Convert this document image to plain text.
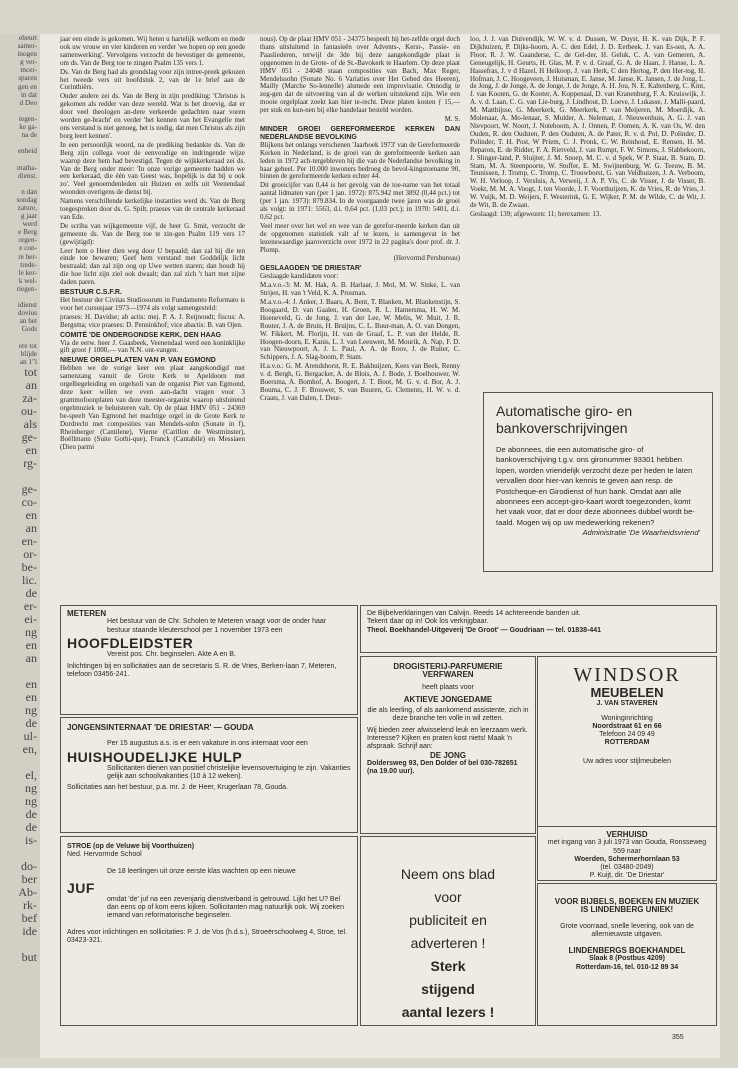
ebeurt
samer-
inogen
g ver-
mcer-
sparen
gen en
in dat
d Deo

tegen-
ke ga-
na de

enheid

matha-
dienst.

n dan
sondag
zature,
g jaar
werd
e Berg
orgen-
e con-
re her-
trede-
le ker-
k wel-
riegen-

idienst
dovius
an het
Gods

ere tot
blijde
an 1"i
tot
an
za-
ou-
als
ge-
en
rg-

ge-
co-
en
an
en-
or-
be-
lic.
de
er-
ei-
ng
en
an

en
en
ng
de
ul-
en,

el,
ng
ng
de
de
is-

do-
ber
Ab-
rk-
bef
ide

but

jaar een einde is gekomen. Wij heten u hartelijk welkom en mede ook uw vrouw en vier kinderen en verder 'we hopen op een goede samenwerking'. Vervolgens verzocht de bevestiger de gemeente, om ds. Van de Berg toe te zingen Psalm 135 vers 1.

Ds. Van de Berg had als grondslag voor zijn intree-preek gekozen het tweede vers uit hoofdstuk 2, van de 1e brief aan de Corinthiërs.

Onder andere zei ds. Van de Berg in zijn prediking: 'Christus is gekomen als redder van deze wereld. Wat is het droevig, dat er door veel theologen an-dere verkeerde gedachten naar voren worden ge-bracht' en verder 'het kennen van het Evangelie met ons verstand is niet genoeg, het is nodig, dat men Christus als zijn borg leert kennen'.

In een persoonlijk woord, na de prediking bedankte ds. Van de Berg zijn collega voor de eenvoudige en indringende wijze waarop deze hem had bevestigd. Tegen de wijkkerkeraad zei ds. Van de Berg onder meer: 'In onze vorige gemeente hadden we een kerkeraad, die één van Geest was, hopelijk is dat bij u ook zo'. Veel genoemdenleden uit Huizen en zelfs uit Veenendaal woonden overigens de dienst bij.

Namens verschillende kerkelijke instanties werd ds. Van de Berg toegesproken door ds. G. Spilt, praeses van de centrale kerkeraad van Ede.

De scriba van wijkgemeente vijf, de heer G. Smit, verzocht de gemeente ds. Van de Berg toe te zin-gen Psalm 119 vers 17 (gewijzigd):

Leer hem o Heer dien weg door U bepaald; dan zal hij die ten einde toe bewaren; Geef hem verstand met Goddelijk licht bestraald; dan zal zijn oog op Uwe wetten staren; dan houdt hij die hoe licht zijn ziel ook dwaalt; dan zal zich 't hart met zijne daden paren.

BESTUUR C.S.F.R.

Het bestuur der Civitas Studiosorum in Fundamento Reformato is voor het cursusjaar 1973—1974 als volgt samengesteld:

praeses: H. Davidse; ab actis: mej. P. A. J. Reijnoudt; fiscus: A. Bergsma; vice praeses: D. Penninkhof; vice abactis: B. van Ojen.

COMITÉ 'DE ONDERGONDSE KERK, DEN HAAG

Via de eerw. heer J. Gaasbeek, Veenendaal werd een koninklijke gift groot ƒ 1000,— van N.N. ont-vangen.

NIEUWE ORGELPLATEN VAN P. VAN EGMOND

Hebben we de vorige keer een plaat aangekondigd met samenzang vanuit de Grote Kerk te Apeldoorn met orgelbegeleiding en orgelsoli van de organist Piet van Egmond, deze keer willen we even aan-dacht vragen voor 3 grammofoonplaten van deze meester-organist waarop uitsluitend orgelmuziek te beluisteren valt. Op de plaat HMV 051 - 24369 be-speelt Van Egmond het machtige orgel in de Grote Kerk te Dordrecht met composities van Mendels-sohn (Sonate in f), Rheinberger (Cantilene), Vierne (Carillon de Westminster), Boëllmann (Suite Gothi-que), Franck (Cantabile) en Messiaen (Dieu parmi

nous). Op de plaat HMV 051 - 24375 bespeelt hij het-zelfde orgel doch thans uitsluitend in fantasieën over Advents-, Kerst-, Passie- en Paasliederen, terwijl de 3de bij deze aangekondigde plaat is opgenomen in de Grote- of de St.-Bavokerk te Haarlem. Op deze plaat HMV 051 - 24048 staan composities van Bach, Max Reger, Mendelssohn (Sonate No. 6 Variaties over Het Gebed des Heeren), Mailly (Marche So-lennelle) alsmede een improvisatie. Onnodig te zeg-gen dat de uitvoering van al de werken uitstekend zijn. Wie een mooie orgelplaat zoekt kan hier te-recht. Deze platen kosten ƒ 15,— per stuk en kun-nen bij elke handelaar besteld worden.

M. S.

MINDER GROEI GEREFORMEERDE KERKEN DAN NEDERLANDSE BEVOLKING

Blijkens het onlangs verschenen 'Jaarboek 1973' van de Gereformeerde Kerken in Nederland, is de groei van de gereformeerde kerken aan leden in 1972 ach-tergebleven bij die van de Nederlandse bevolking in haar geheel. Per 10.000 inwoners bedroeg de bevol-kingstoename 90, binnen de gereformeerde kerken echter 44.

Dit groeicijfer van 0,44 is het gevolg van de toe-name van het totaal aantal lidmaten van (per 1 jan. 1972): 875.942 met 3892 (0,44 pct.) tot (per 1 jan. 1973): 879.834. In de voorgaande twee jaren was de groei als volgt: in 1971: 5563, d.i. 0,64 pct. (1,03 pct.); in 1970: 5401, d.i. 0,62 pct.

Veel meer over het wel en wee van de gerefor-meerde kerken dan uit de opgenomen statistiek valt af te lezen, is samengevat in het lezenswaardige jaaroverzicht over 1972 in 22 pagina's door prof. dr. J. Plomp.

(Hervormd Persbureau)

GESLAAGDEN 'DE DRIESTAR'

Geslaagde kandidaten voor:

M.a.v.o.-3: M. M. Hak, A. B. Harlaar, J. Mol, M. W. Sinke, L. van Strijen, H. van 't Veld, K. A. Prosman.

M.a.v.o.-4: J. Anker, J. Baars, A. Bent, T. Blanken, M. Blankenstijn, S. Boogaard, D. van Gaalen, H. Groen, R. L. Hamersma, H. W. M. Hoeneveld, G. de Jong, J. van der Lee, W. Melis, W. Muit, J. R. Router, J. A. de Bruin, H. Bruijns, C. L. Buur-man, A. O. van Dongen, W. Fikkert, M. Florijn, H. van de Graaf, L. P. van der Helde, R. Hoogen-doorn, E. Kanis, L. J. van Leeuwen, M. Mourik, A. Nap, F. D. van Nieuwpoort, A. J. L. Paul, A. A. de Roov, J. de Ruiter, C. Schippers, J. A. Slag-boom, P. Stam.

H.a.v.o.: G. M. Arendshorst, R. E. Bakhuijzen, Kees van Beek, Renny v. d. Bergh, G. Bergacker, A. de Blois, A. J. Bode, J. Boelhouwer, W. Boersma, A. Bomhof, A. Boogert, J. T. Boot, M. G. v. d. Bor, A. J. Bouma, C. J. F. Brouwer, S. van Buuren, G. Clements, H. W. v. d. Craats, J. van Dalen, I. Deur-

loo, J. J. van Duivendijk, W. W. v. d. Dussen, W. Duyst, H. K. van Dijk, P. F. Dijkhuizen, P. Dijks-hoorn, A. C. den Edel, J. D. Eerbeek, J. van Es-sen, A. A. Floor, R. J. W. Gaanderse, C. de Gel-der, H. Geluk, C. A. van Gemeren, A. Geneugelijk, H. Geurts, H. Glas, M. P. v. d. Graaf, G. A. de Haan, J. Hanse, L. A. Hassefras, J. v d Hazel, H Heikoop, J. van Herk, C den Hertog, P. den Her-tog, H. Hofman, J. C. Hoogeveen, J. Huisman, E. Janse, M. Janse, K. Jansen, J. de Jong, L. de Jong, J. de Jonge, A. de Jonge, J. de Jonge, A. H. Jou, N. E. Kaltenberg, C. Kint, J. van Kooten, G. de Kooter, A. Koppenaal, D. van Kranenburg, F. A. Kruiswijk, J. A. v. d. Laan, C. G. van Lie-burg, J. Lindhout, D. Loeve, J. Lukasse, J. Malli-paard, M. Matthijsse, G. Meerkerk, G. Meerkerk, P. van Meijeren, M. Moerdijk, A. Molenaar, A. Mo-lenaar, S. Mulder, A. Neleman, J. Nieuwenhuis, A. G. J. van Nievpoort, W. Noort, J. Noteboom, A. J. Onnen, P. Oomen, A. K. van Os, W. den Ouden, R. den Oudsten, P. den Oudsten, A. de Pater, R. v. d. Pol, D. Polinder, D. Polinder, T. H. Post, W Priem, C. J. Pronk, C. W. Reinhoud, E. Rensen, H. M. Reparon, E. de Ridder, F. A. Rietveld, J. van Rumpt, F. W. Simons, J. Slabbekoorn, J. Slinger-land, P. Sluijter, J. M. Snoep, M. C. v. d Spek, W P. Staat, B. Stam, D. Stam, M. A. Steenpoorte, W. Stoffer, E. M. Swijnenburg, W. G. Teeuw, B. M. Teunissen, J. Tromp, C. Tromp, C. Trouwborst, G. van Veldhuizen, J. A. Verboom, W. H. Verloop, J. Versluis, A. Verweij, J. A. P. Vis, C. de Visser, J. de Visser, B. Voekt, M. M. A. Voogt, J. ten Voorde, J. F. Voorthuijzen, K. de Vries, R. de Vries, J. W. Vuijk, M. D. Weijers, F. Westerink, G. E. Wijker, P. M. de Wilde, C. de Wit, J. de Wit, B. de Zwaan.

Geslaagd: 139; afgewezen: 11; herexamen: 13.

Automatische giro- en bankoverschrijvingen
De abonnees, die een automatische giro- of bankoverschijving t.g.v. ons gironummer 93301 hebben lopen, worden vriendelijk verzocht deze per heden te laten vervallen door hier-van kennis te geven aan resp. de Postcheque-en Girodienst of hun bank. Omdat aan alle abonnees een accept-giro-kaart wordt toegezonden, komt het vaak voor, dat er door deze abonnees dubbel wordt be-taald. Mogen wij op uw medewerking rekenen?
Administratie 'De Waarheidsvriend'
METEREN
Het bestuur van de Chr. Scholen te Meteren vraagt voor de onder haar bestuur staande kleuterschool per 1 november 1973 een
HOOFDLEIDSTER
Vereist pos. Chr. beginselen. Akte A en B.
Inlichtingen bij en sollicitaties aan de secretaris S. R. de Vries, Berken-laan 7, Meteren, telefoon 03456-241.
De Bijbelverklaringen van Calvijn. Reeds 14 achtereende banden uit.
Tekent daar op in! Ook los verkrijgbaar.
Theol. Boekhandel-Uitgeverij 'De Groot' — Goudriaan — tel. 01838-441
DROGISTERIJ-PARFUMERIE VERFWAREN
heeft plaats voor
AKTIEVE JONGEDAME
die als leerling, of als aankomend assistente, zich in deze branche ten volle in wil zetten.
Wij bieden zeer afwisselend leuk en leerzaam werk. Interesse? Kijken en praten kost niets! Maak 'n afspraak. Schrijf aan:
DE JONG
Doldersweg 93, Den Dolder of bel 030-782651 (na 19.00 uur).
WINDSOR
MEUBELEN
J. VAN STAVEREN
Woninginrichting
Noordstraat 61 en 66
Telefoon 24 09 49
ROTTERDAM
Uw adres voor stijlmeubelen
JONGENSINTERNAAT 'DE DRIESTAR' — GOUDA
Per 15 augustus a.s. is er een vakature in ons internaat voor een
HUISHOUDELIJKE HULP
Sollicitanten dienen van positief christelijke levensovertuiging te zijn. Vakanties gelijk aan schoolvakanties (10 à 12 weken).
Sollicitaties aan het bestuur, p.a. mr. J. de Heer, Krugerlaan 78, Gouda.
VERHUISD
met ingang van 3 juli 1973 van Gouda, Ronsseweg 559 naar
Woerden, Schermerhornlaan 53
(tel. 03480-2049)
P. Kuijt, dir. 'De Driestar'
STROE (op de Veluwe bij Voorthuizen)
Ned. Hervormde School
De 18 leerlingen uit onze eerste klas wachten op een nieuwe
JUF
omdat 'de' juf na een zevenjarig dienstverband is getrouwd. Lijkt het U? Bel dan eens op of kom eens kijken. Sollicitanten mag natuurlijk ook. Wij zoeken iemand van reformatorische beginselen.
Adres voor inlichtingen en sollicitaties: P. J. de Vos (h.d.s.), Stroeërschoolweg 4, Stroe, tel. 03423-321.
Neem ons blad
voor
publiciteit en
adverteren !
Sterk
stijgend
aantal lezers !
VOOR BIJBELS, BOEKEN EN MUZIEK
IS LINDENBERG UNIEK!
Grote voorraad, snelle levering, ook van de allernieuwste uitgaven.
LINDENBERGS BOEKHANDEL
Slaak 8 (Postbus 4209)
Rotterdam-16, tel. 010-12 89 34
355
